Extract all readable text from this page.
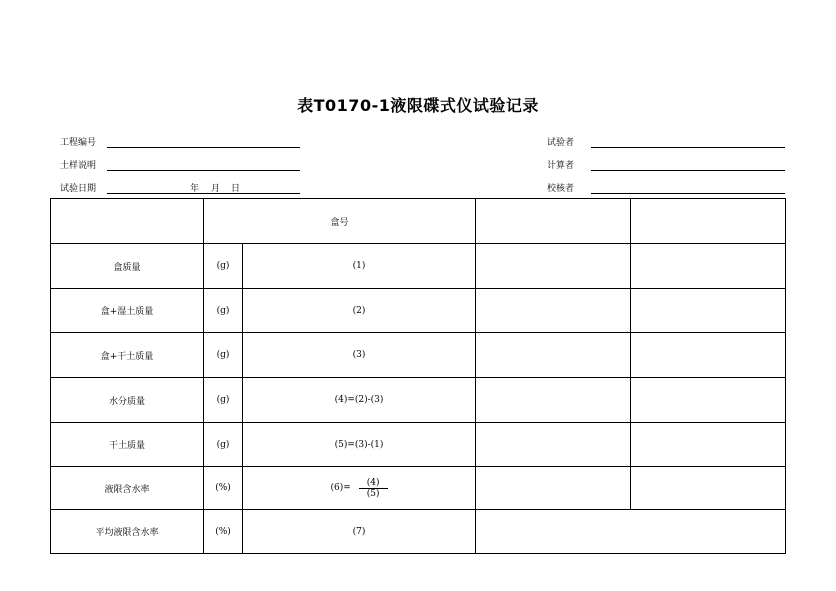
表T0170-1液限碟式仪试验记录
工程编号
土样说明
试验日期	年 月 日
试验者
计算者
校核者
	盒号			
盒质量	(g)	(1)		
盒+湿土质量	(g)	(2)		
盒+干土质量	(g)	(3)		
水分质量	(g)	(4)=(2)-(3)		
干土质量	(g)	(5)=(3)-(1)		
液限含水率	(%)	$(6)= \frac{(4)}{(5)}$

平均液限含水率	(%)	(7)		
